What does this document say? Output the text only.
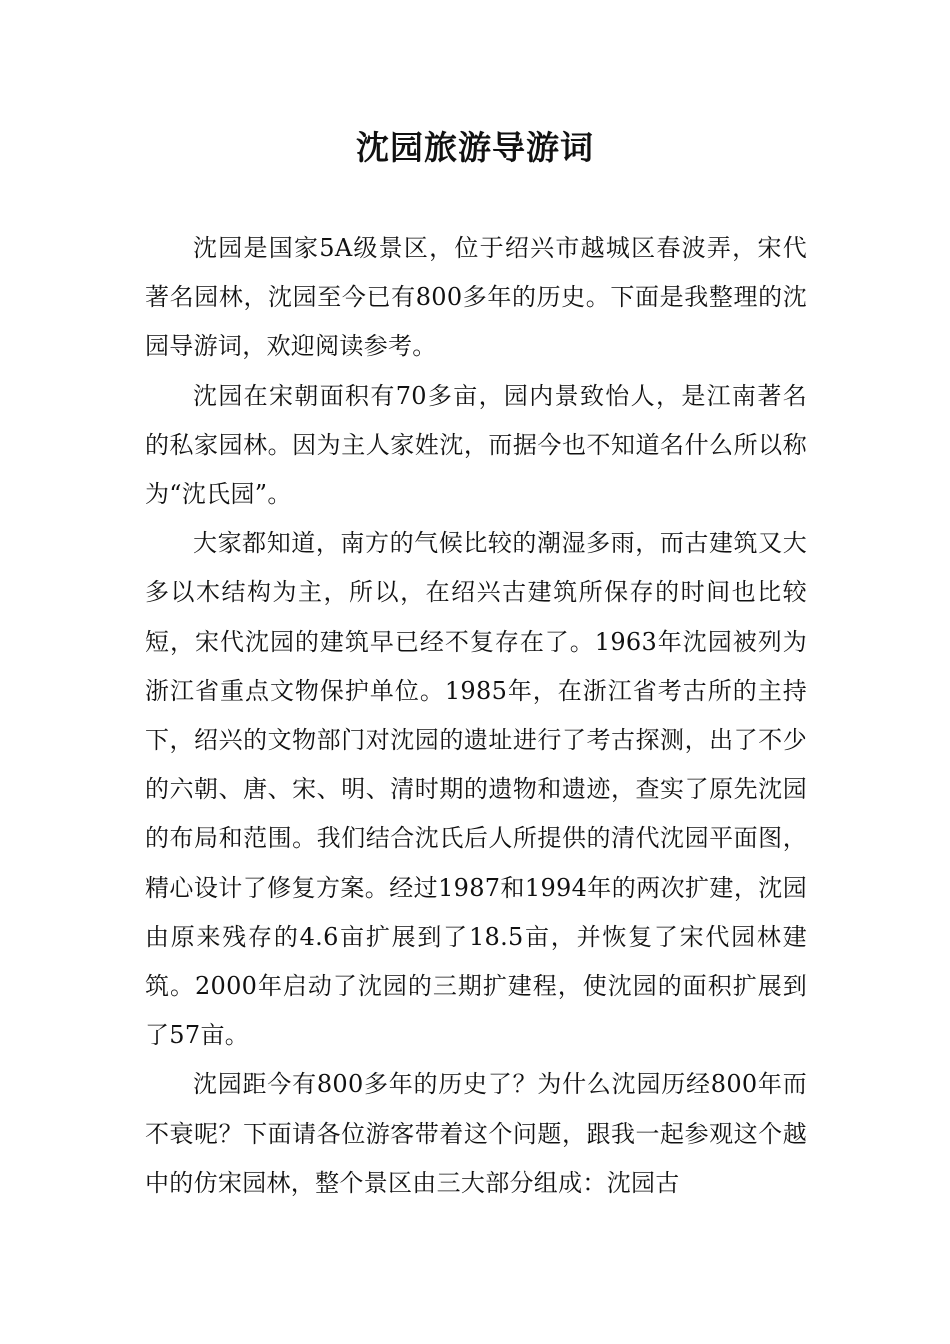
沈园旅游导游词

沈园是国家5A级景区，位于绍兴市越城区春波弄，宋代著名园林，沈园至今已有800多年的历史。下面是我整理的沈园导游词，欢迎阅读参考。

沈园在宋朝面积有70多亩，园内景致怡人，是江南著名的私家园林。因为主人家姓沈，而据今也不知道名什么所以称为“沈氏园”。

大家都知道，南方的气候比较的潮湿多雨，而古建筑又大多以木结构为主，所以，在绍兴古建筑所保存的时间也比较短，宋代沈园的建筑早已经不复存在了。1963年沈园被列为浙江省重点文物保护单位。1985年，在浙江省考古所的主持下，绍兴的文物部门对沈园的遗址进行了考古探测，出了不少的六朝、唐、宋、明、清时期的遗物和遗迹，查实了原先沈园的布局和范围。我们结合沈氏后人所提供的清代沈园平面图，精心设计了修复方案。经过1987和1994年的两次扩建，沈园由原来残存的4.6亩扩展到了18.5亩，并恢复了宋代园林建筑。2000年启动了沈园的三期扩建程，使沈园的面积扩展到了57亩。

沈园距今有800多年的历史了？为什么沈园历经800年而不衰呢？下面请各位游客带着这个问题，跟我一起参观这个越中的仿宋园林，整个景区由三大部分组成：沈园古
